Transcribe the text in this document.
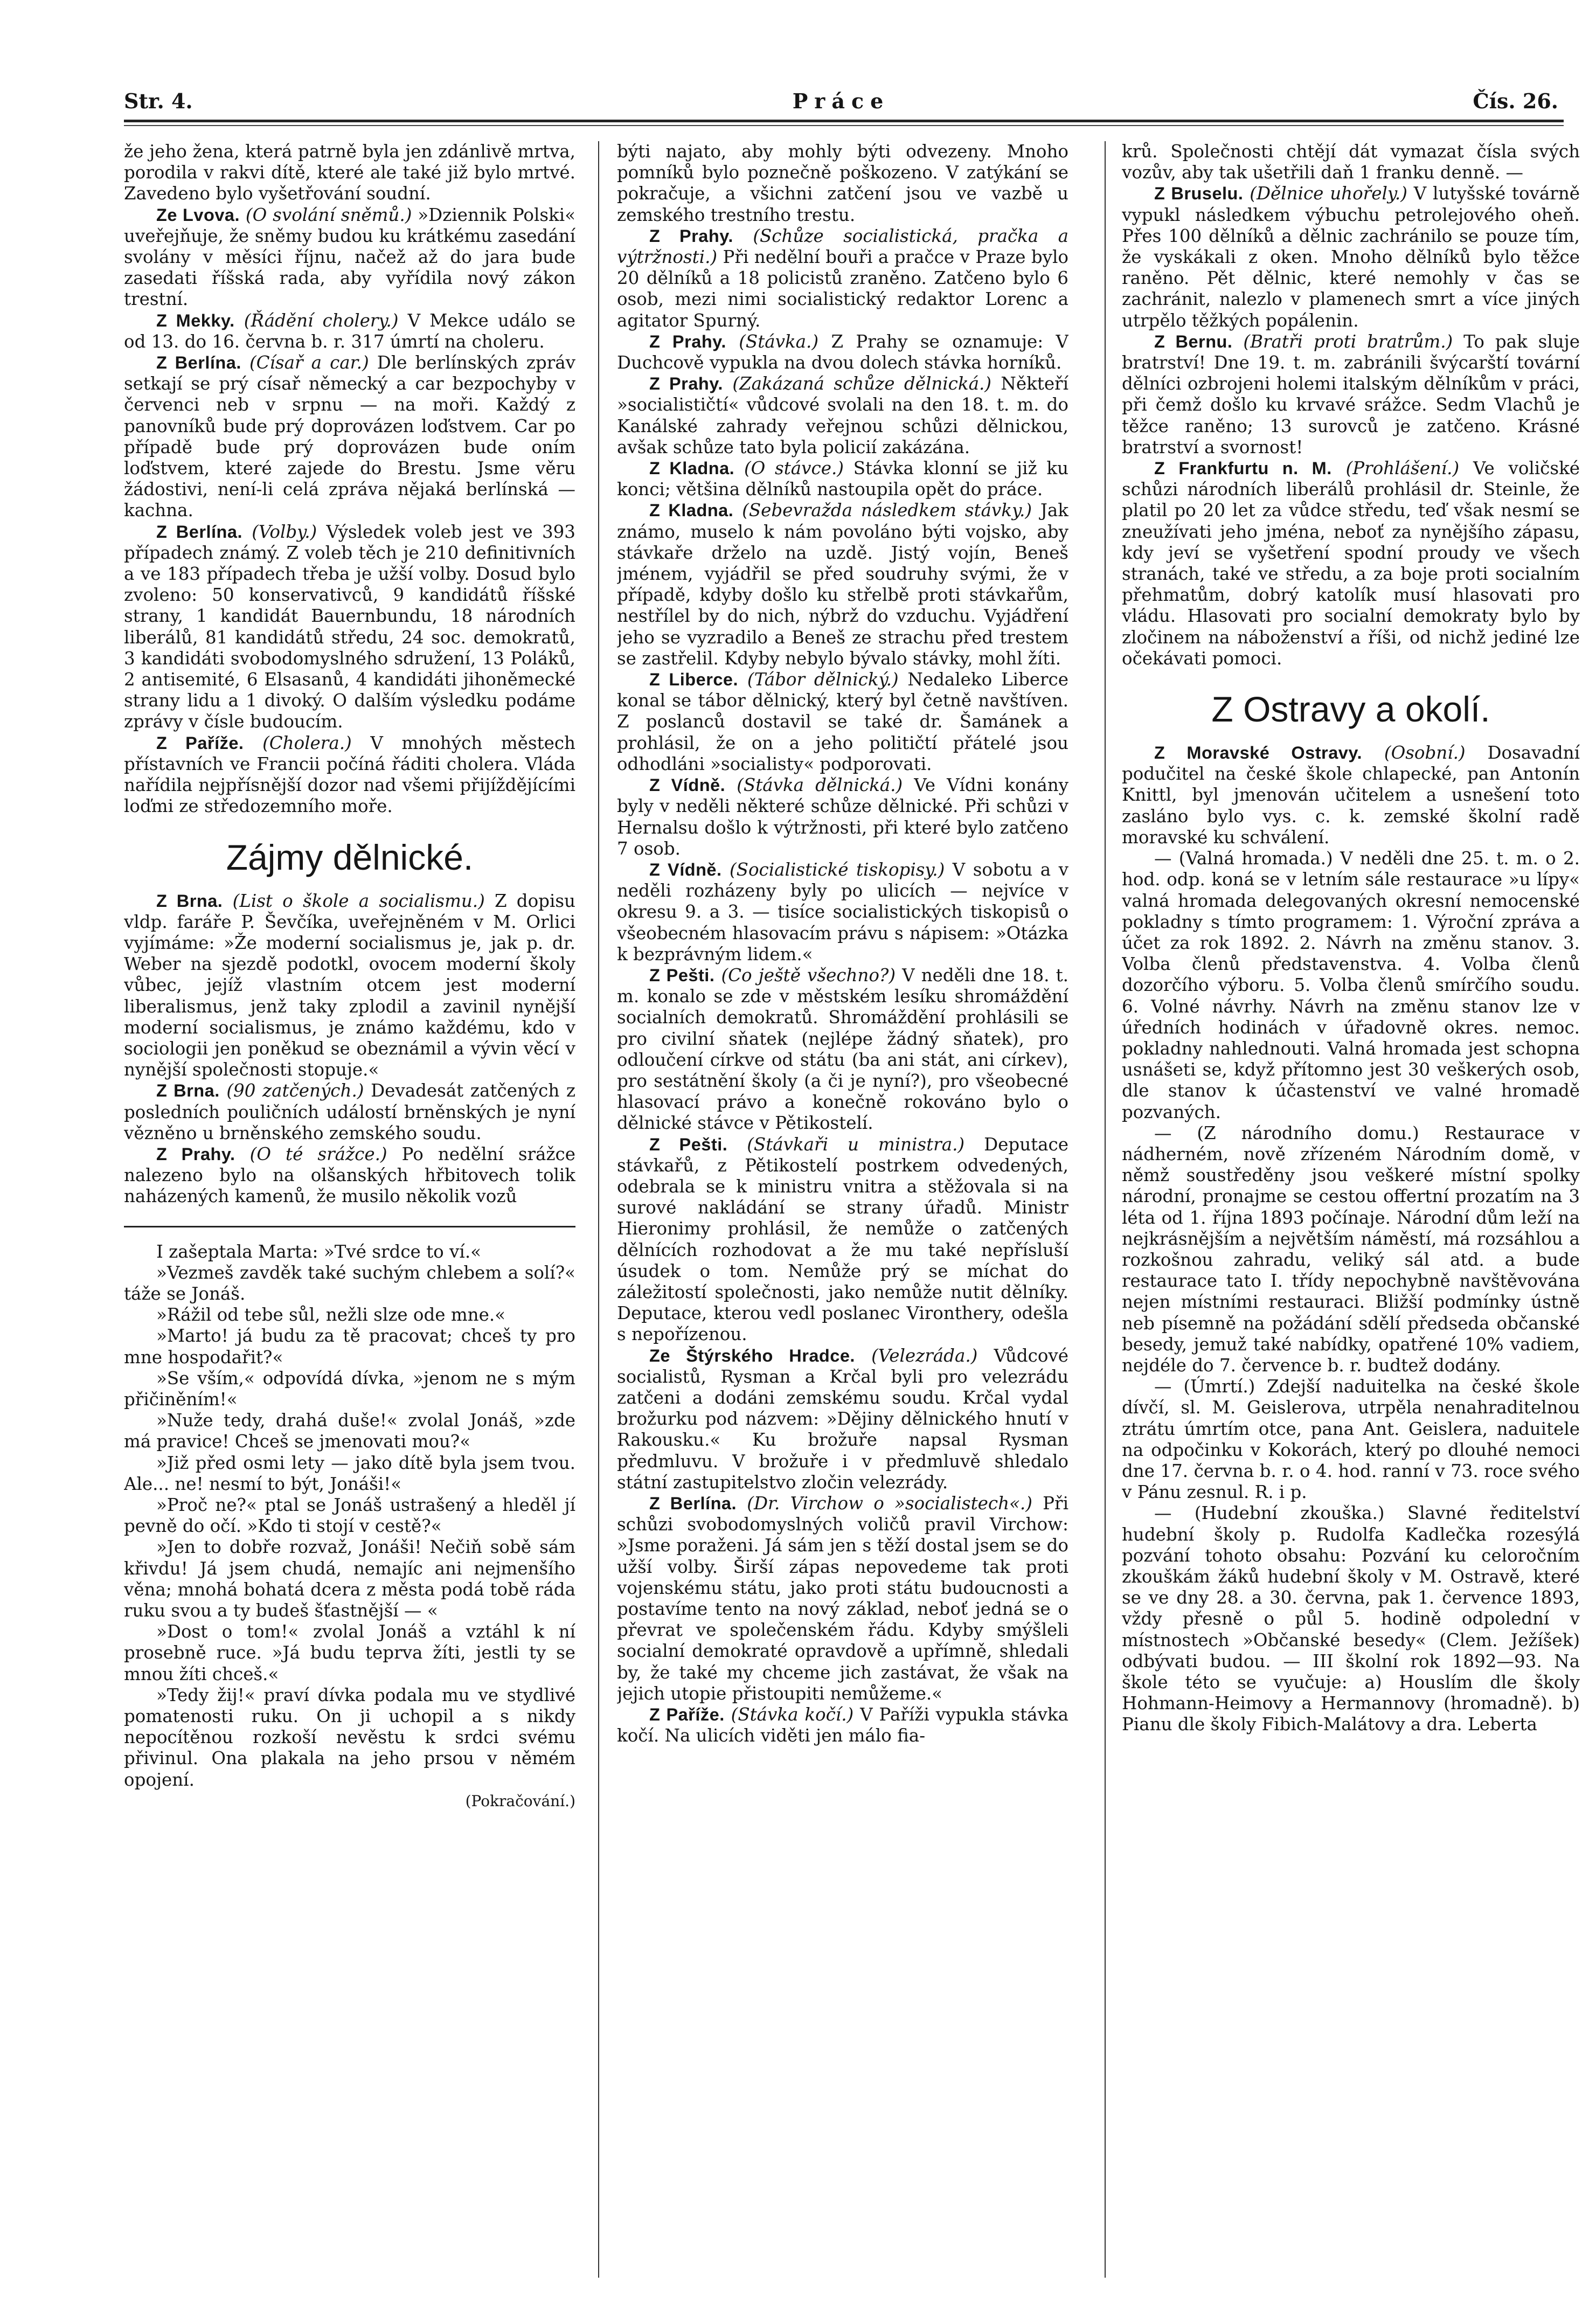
Str. 4.	Práce	Čís. 26.

že jeho žena, která patrně byla jen zdánlivě mrtva, porodila v rakvi dítě, které ale také již bylo mrtvé. Zavedeno bylo vyšetřování soudní.

Ze Lvova. (O svolání sněmů.) »Dziennik Polski« uveřejňuje, že sněmy budou ku krátkému zasedání svolány v měsíci říjnu, načež až do jara bude zasedati říšská rada, aby vyřídila nový zákon trestní.

Z Mekky. (Řádění cholery.) V Mekce událo se od 13. do 16. června b. r. 317 úmrtí na choleru.

Z Berlína. (Císař a car.) Dle berlínských zpráv setkají se prý císař německý a car bezpochyby v červenci neb v srpnu — na moři. Každý z panovníků bude prý doprovázen loďstvem. Car po případě bude prý doprovázen bude oním loďstvem, které zajede do Brestu. Jsme věru žádostivi, není-li celá zpráva nějaká berlínská — kachna.

Z Berlína. (Volby.) Výsledek voleb jest ve 393 případech známý. Z voleb těch je 210 definitivních a ve 183 případech třeba je užší volby. Dosud bylo zvoleno: 50 konservativců, 9 kandidátů říšské strany, 1 kandidát Bauernbundu, 18 národních liberálů, 81 kandidátů středu, 24 soc. demokratů, 3 kandidáti svobodomyslného sdružení, 13 Poláků, 2 antisemité, 6 Elsasanů, 4 kandidáti jihoněmecké strany lidu a 1 divoký. O dalším výsledku podáme zprávy v čísle budoucím.

Z Paříže. (Cholera.) V mnohých městech přístavních ve Francii počíná řáditi cholera. Vláda nařídila nejpřísnější dozor nad všemi přijíždějícími loďmi ze středozemního moře.

Zájmy dělnické.

Z Brna. (List o škole a socialismu.) Z dopisu vldp. faráře P. Ševčíka, uveřejněném v M. Orlici vyjímáme: »Že moderní socialismus je, jak p. dr. Weber na sjezdě podotkl, ovocem moderní školy vůbec, jejíž vlastním otcem jest moderní liberalismus, jenž taky zplodil a zavinil nynější moderní socialismus, je známo každému, kdo v sociologii jen poněkud se obeznámil a vývin věcí v nynější společnosti stopuje.«

Z Brna. (90 zatčených.) Devadesát zatčených z posledních pouličních událostí brněnských je nyní vězněno u brněnského zemského soudu.

Z Prahy. (O té srážce.) Po nedělní srážce nalezeno bylo na olšanských hřbitovech tolik naházených kamenů, že musilo několik vozů

I zašeptala Marta: »Tvé srdce to ví.«

»Vezmeš zavděk také suchým chlebem a solí?« táže se Jonáš.

»Rážil od tebe sůl, nežli slze ode mne.«

»Marto! já budu za tě pracovat; chceš ty pro mne hospodařit?«

»Se vším,« odpovídá dívka, »jenom ne s mým přičiněním!«

»Nuže tedy, drahá duše!« zvolal Jonáš, »zde má pravice! Chceš se jmenovati mou?«

»Již před osmi lety — jako dítě byla jsem tvou. Ale... ne! nesmí to být, Jonáši!«

»Proč ne?« ptal se Jonáš ustrašený a hleděl jí pevně do očí. »Kdo ti stojí v cestě?«

»Jen to dobře rozvaž, Jonáši! Nečiň sobě sám křivdu! Já jsem chudá, nemajíc ani nejmenšího věna; mnohá bohatá dcera z města podá tobě ráda ruku svou a ty budeš šťastnější — «

»Dost o tom!« zvolal Jonáš a vztáhl k ní prosebně ruce. »Já budu teprva žíti, jestli ty se mnou žíti chceš.«

»Tedy žij!« praví dívka podala mu ve stydlivé pomatenosti ruku. On ji uchopil a s nikdy nepocítěnou rozkoší nevěstu k srdci svému přivinul. Ona plakala na jeho prsou v němém opojení.

(Pokračování.)

býti najato, aby mohly býti odvezeny. Mnoho pomníků bylo poznečně poškozeno. V zatýkání se pokračuje, a všichni zatčení jsou ve vazbě u zemského trestního trestu.

Z Prahy. (Schůze socialistická, pračka a výtržnosti.) Při nedělní bouři a pračce v Praze bylo 20 dělníků a 18 policistů zraněno. Zatčeno bylo 6 osob, mezi nimi socialistický redaktor Lorenc a agitator Spurný.

Z Prahy. (Stávka.) Z Prahy se oznamuje: V Duchcově vypukla na dvou dolech stávka horníků.

Z Prahy. (Zakázaná schůze dělnická.) Někteří »socialističtí« vůdcové svolali na den 18. t. m. do Kanálské zahrady veřejnou schůzi dělnickou, avšak schůze tato byla policií zakázána.

Z Kladna. (O stávce.) Stávka klonní se již ku konci; většina dělníků nastoupila opět do práce.

Z Kladna. (Sebevražda následkem stávky.) Jak známo, muselo k nám povoláno býti vojsko, aby stávkaře drželo na uzdě. Jistý vojín, Beneš jménem, vyjádřil se před soudruhy svými, že v případě, kdyby došlo ku střelbě proti stávkařům, nestřílel by do nich, nýbrž do vzduchu. Vyjádření jeho se vyzradilo a Beneš ze strachu před trestem se zastřelil. Kdyby nebylo bývalo stávky, mohl žíti.

Z Liberce. (Tábor dělnický.) Nedaleko Liberce konal se tábor dělnický, který byl četně navštíven. Z poslanců dostavil se také dr. Šamánek a prohlásil, že on a jeho političtí přátelé jsou odhodláni »socialisty« podporovati.

Z Vídně. (Stávka dělnická.) Ve Vídni konány byly v neděli některé schůze dělnické. Při schůzi v Hernalsu došlo k výtržnosti, při které bylo zatčeno 7 osob.

Z Vídně. (Socialistické tiskopisy.) V sobotu a v neděli rozházeny byly po ulicích — nejvíce v okresu 9. a 3. — tisíce socialistických tiskopisů o všeobecném hlasovacím právu s nápisem: »Otázka k bezprávným lidem.«

Z Pešti. (Co ještě všechno?) V neděli dne 18. t. m. konalo se zde v městském lesíku shromáždění socialních demokratů. Shromáždění prohlásili se pro civilní sňatek (nejlépe žádný sňatek), pro odloučení církve od státu (ba ani stát, ani církev), pro sestátnění školy (a či je nyní?), pro všeobecné hlasovací právo a konečně rokováno bylo o dělnické stávce v Pětikostelí.

Z Pešti. (Stávkaři u ministra.) Deputace stávkařů, z Pětikostelí postrkem odvedených, odebrala se k ministru vnitra a stěžovala si na surové nakládání se strany úřadů. Ministr Hieronimy prohlásil, že nemůže o zatčených dělnících rozhodovat a že mu také nepřísluší úsudek o tom. Nemůže prý se míchat do záležitostí společnosti, jako nemůže nutit dělníky. Deputace, kterou vedl poslanec Vironthery, odešla s nepořízenou.

Ze Štýrského Hradce. (Velezráda.) Vůdcové socialistů, Rysman a Krčal byli pro velezrádu zatčeni a dodáni zemskému soudu. Krčal vydal brožurku pod názvem: »Dějiny dělnického hnutí v Rakousku.« Ku brožuře napsal Rysman předmluvu. V brožuře i v předmluvě shledalo státní zastupitelstvo zločin velezrády.

Z Berlína. (Dr. Virchow o »socialistech«.) Při schůzi svobodomyslných voličů pravil Virchow: »Jsme poraženi. Já sám jen s těží dostal jsem se do užší volby. Širší zápas nepovedeme tak proti vojenskému státu, jako proti státu budoucnosti a postavíme tento na nový základ, neboť jedná se o převrat ve společenském řádu. Kdyby smýšleli socialní demokraté opravdově a upřímně, shledali by, že také my chceme jich zastávat, že však na jejich utopie přistoupiti nemůžeme.«

Z Paříže. (Stávka kočí.) V Paříži vypukla stávka kočí. Na ulicích viděti jen málo fia-

krů. Společnosti chtějí dát vymazat čísla svých vozův, aby tak ušetřili daň 1 franku denně. —

Z Bruselu. (Dělnice uhořely.) V lutyšské továrně vypukl následkem výbuchu petrolejového oheň. Přes 100 dělníků a dělnic zachránilo se pouze tím, že vyskákali z oken. Mnoho dělníků bylo těžce raněno. Pět dělnic, které nemohly v čas se zachránit, nalezlo v plamenech smrt a více jiných utrpělo těžkých popálenin.

Z Bernu. (Bratři proti bratrům.) To pak sluje bratrství! Dne 19. t. m. zabránili švýcarští tovární dělníci ozbrojeni holemi italským dělníkům v práci, při čemž došlo ku krvavé srážce. Sedm Vlachů je těžce raněno; 13 surovců je zatčeno. Krásné bratrství a svornost!

Z Frankfurtu n. M. (Prohlášení.) Ve voličské schůzi národních liberálů prohlásil dr. Steinle, že platil po 20 let za vůdce středu, teď však nesmí se zneužívati jeho jména, neboť za nynějšího zápasu, kdy jeví se vyšetření spodní proudy ve všech stranách, také ve středu, a za boje proti socialním přehmatům, dobrý katolík musí hlasovati pro vládu. Hlasovati pro socialní demokraty bylo by zločinem na náboženství a říši, od nichž jediné lze očekávati pomoci.

Z Ostravy a okolí.

Z Moravské Ostravy. (Osobní.) Dosavadní podučitel na české škole chlapecké, pan Antonín Knittl, byl jmenován učitelem a usnešení toto zasláno bylo vys. c. k. zemské školní radě moravské ku schválení.

— (Valná hromada.) V neděli dne 25. t. m. o 2. hod. odp. koná se v letním sále restaurace »u lípy« valná hromada delegovaných okresní nemocenské pokladny s tímto programem: 1. Výroční zpráva a účet za rok 1892. 2. Návrh na změnu stanov. 3. Volba členů představenstva. 4. Volba členů dozorčího výboru. 5. Volba členů smírčího soudu. 6. Volné návrhy. Návrh na změnu stanov lze v úředních hodinách v úřadovně okres. nemoc. pokladny nahlednouti. Valná hromada jest schopna usnášeti se, když přítomno jest 30 veškerých osob, dle stanov k účastenství ve valné hromadě pozvaných.

— (Z národního domu.) Restaurace v nádherném, nově zřízeném Národním domě, v němž soustředěny jsou veškeré místní spolky národní, pronajme se cestou offertní prozatím na 3 léta od 1. října 1893 počínaje. Národní dům leží na nejkrásnějším a největším náměstí, má rozsáhlou a rozkošnou zahradu, veliký sál atd. a bude restaurace tato I. třídy nepochybně navštěvována nejen místními restauraci. Bližší podmínky ústně neb písemně na požádání sdělí předseda občanské besedy, jemuž také nabídky, opatřené 10% vadiem, nejdéle do 7. července b. r. budtež dodány.

— (Úmrtí.) Zdejší naduitelka na české škole dívčí, sl. M. Geislerova, utrpěla nenahraditelnou ztrátu úmrtím otce, pana Ant. Geislera, naduitele na odpočinku v Kokorách, který po dlouhé nemoci dne 17. června b. r. o 4. hod. ranní v 73. roce svého v Pánu zesnul. R. i p.

— (Hudební zkouška.) Slavné ředitelství hudební školy p. Rudolfa Kadlečka rozesýlá pozvání tohoto obsahu: Pozvání ku celoročním zkouškám žáků hudební školy v M. Ostravě, které se ve dny 28. a 30. června, pak 1. července 1893, vždy přesně o půl 5. hodině odpolední v místnostech »Občanské besedy« (Clem. Ježíšek) odbývati budou. — III školní rok 1892—93. Na škole této se vyučuje: a) Houslím dle školy Hohmann-Heimovy a Hermannovy (hromadně). b) Pianu dle školy Fibich-Malátovy a dra. Leberta
